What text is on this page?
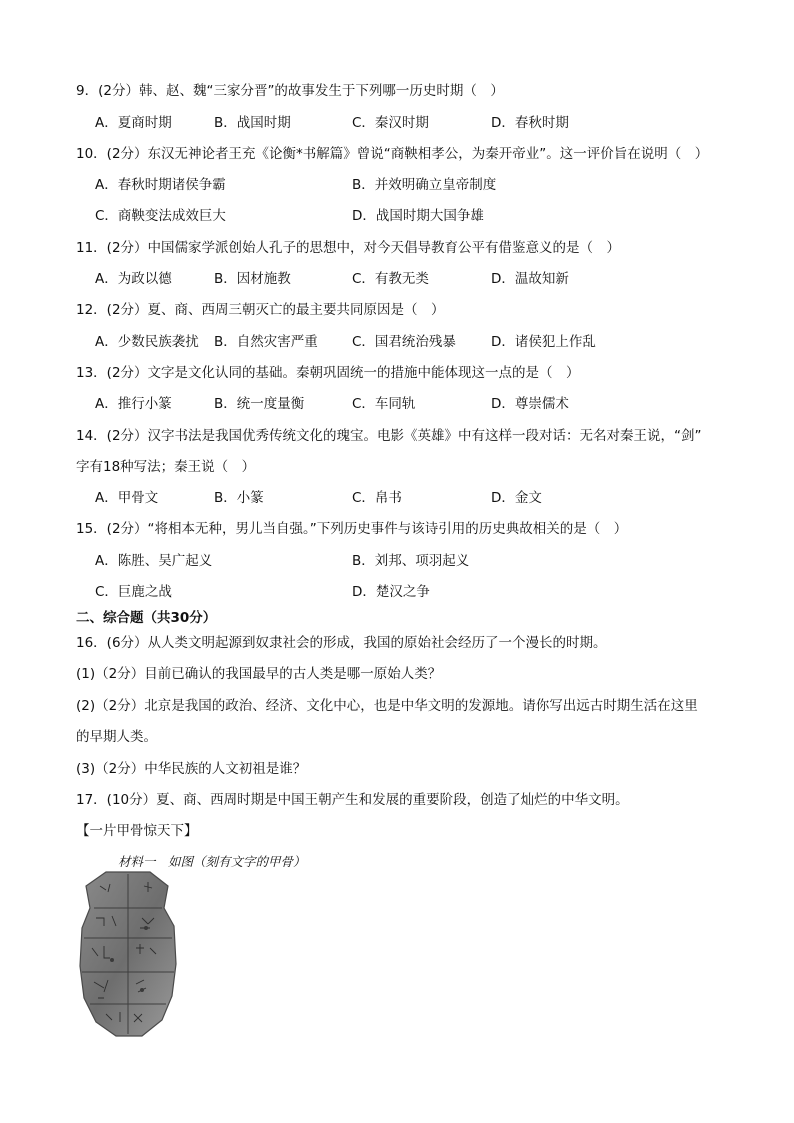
9．(2分）韩、赵、魏“三家分晋”的故事发生于下列哪一历史时期（　）
A．夏商时期	B．战国时期	C．秦汉时期	D．春秋时期
10．(2分）东汉无神论者王充《论衡*书解篇》曾说“商鞅相孝公，为秦开帝业”。这一评价旨在说明（　）
A．春秋时期诸侯争霸	B．并效明确立皇帝制度
C．商鞅变法成效巨大	D．战国时期大国争雄
11．(2分）中国儒家学派创始人孔子的思想中，对今天倡导教育公平有借鉴意义的是（　）
A．为政以德	B．因材施教	C．有教无类	D．温故知新
12．(2分）夏、商、西周三朝灭亡的最主要共同原因是（　）
A．少数民族袭扰 B．自然灾害严重	C．国君统治残暴	D．诸侯犯上作乱
13．(2分）文字是文化认同的基础。秦朝巩固统一的措施中能体现这一点的是（　）
A．推行小篆	B．统一度量衡	C．车同轨	D．尊崇儒术
14．(2分）汉字书法是我国优秀传统文化的瑰宝。电影《英雄》中有这样一段对话：无名对秦王说，“剑”
字有18种写法；秦王说（　）
A．甲骨文	B．小篆	C．帛书	D．金文
15．(2分）“将相本无种，男儿当自强。”下列历史事件与该诗引用的历史典故相关的是（　）
A．陈胜、吴广起义	B．刘邦、项羽起义
C．巨鹿之战	D．楚汉之争
二、综合题（共30分）
16．(6分）从人类文明起源到奴隶社会的形成，我国的原始社会经历了一个漫长的时期。
(1)（2分）目前已确认的我国最早的古人类是哪一原始人类？
(2)（2分）北京是我国的政治、经济、文化中心，也是中华文明的发源地。请你写出远古时期生活在这里
的早期人类。
(3)（2分）中华民族的人文初祖是谁？
17．(10分）夏、商、西周时期是中国王朝产生和发展的重要阶段，创造了灿烂的中华文明。
【一片甲骨惊天下】
材料一　如图（刻有文字的甲骨）
